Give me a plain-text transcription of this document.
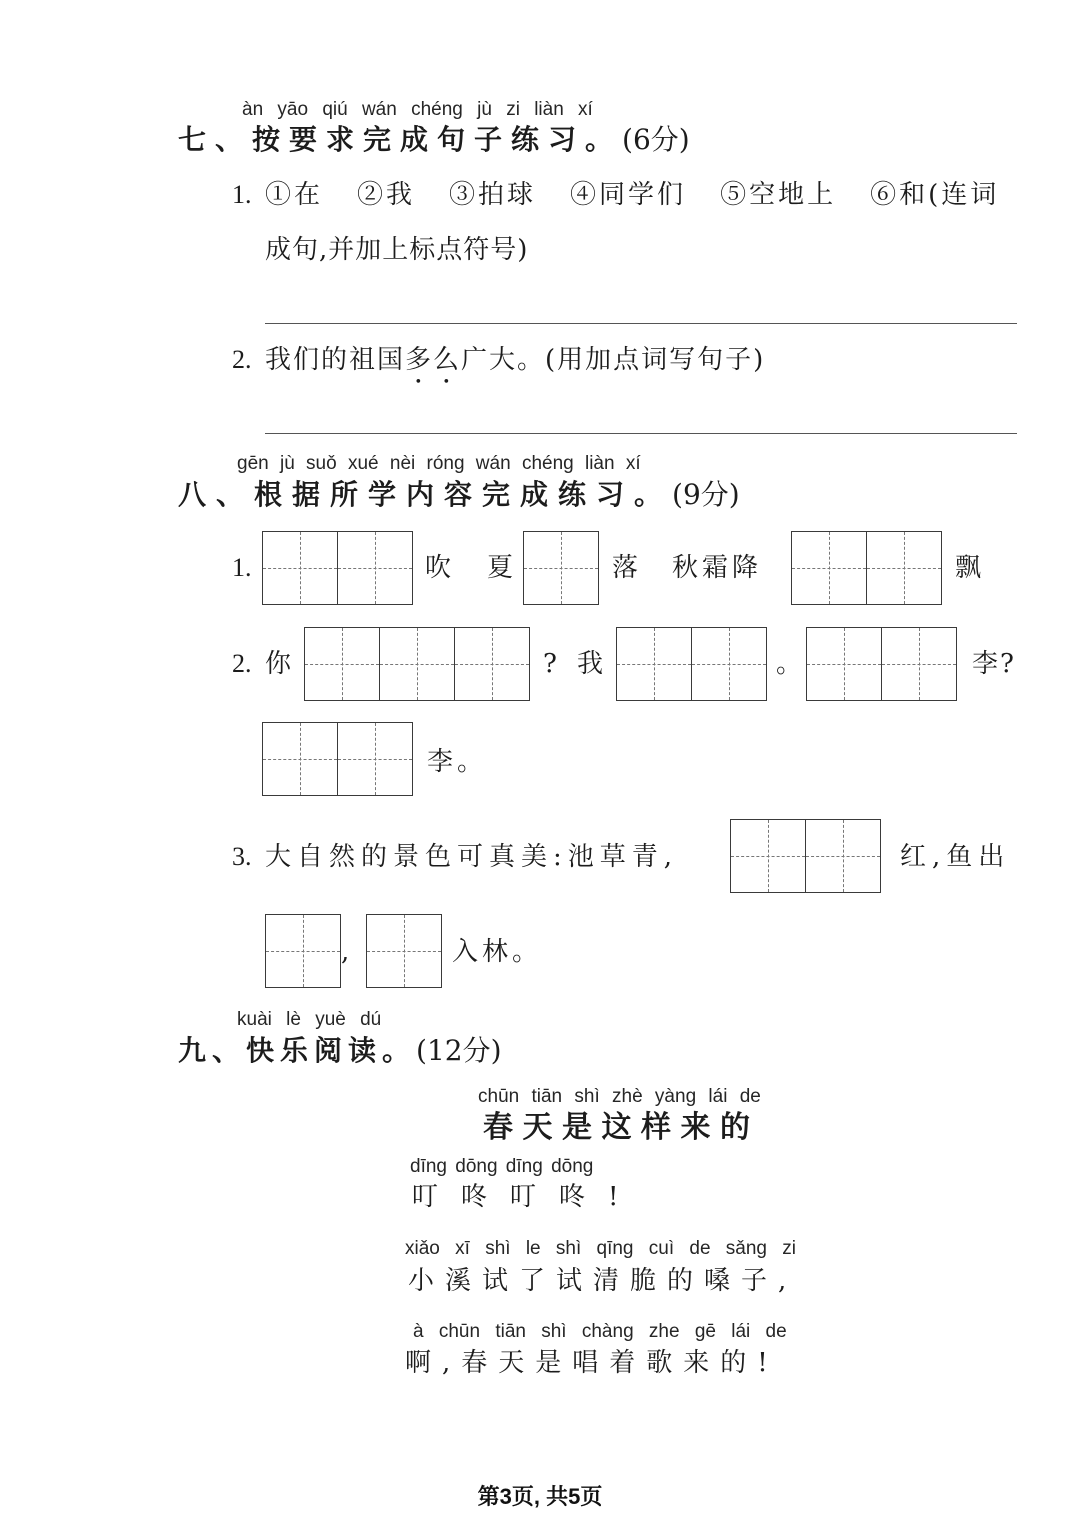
àn yāo qiú wán chéng jù zi liàn xí
七、按要求完成句子练习。(6分)
1. ①在 ②我 ③拍球 ④同学们 ⑤空地上 ⑥和(连词
成句,并加上标点符号)
2. 我们的祖国多么广大。(用加点词写句子)
gēn jù suǒ xué nèi róng wán chéng liàn xí
八、根据所学内容完成练习。(9分)
1.	吹 夏	落 秋霜降	飘
2. 你	? 我	。	李?
李。
3. 大自然的景色可真美:池草青,	红,鱼出
,	入林。
kuài lè yuè dú
九、快乐阅读。(12分)
chūn tiān shì zhè yàng lái de
春天是这样来的
dīng dōng dīng dōng
叮咚叮咚!
xiǎo xī shì le shì qīng cuì de sǎng zi
小溪试了试清脆的嗓子,
à chūn tiān shì chàng zhe gē lái de
啊,春天是唱着歌来的!
第3页, 共5页
